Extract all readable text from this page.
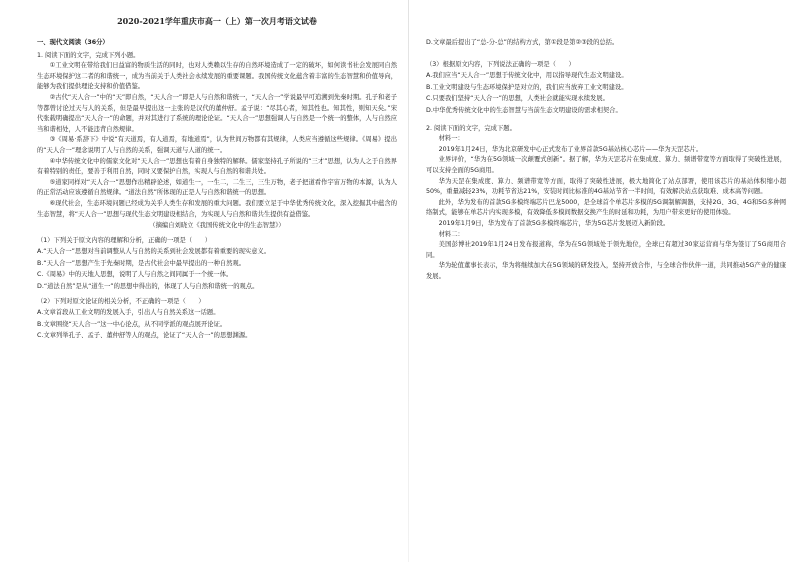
2020-2021学年重庆市高一（上）第一次月考语文试卷

一、现代文阅读（36分）

1. 阅读下面的文字，完成下列小题。

①工业文明在带给我们日益富的物质生活的同时，也对人类赖以生存的自然环境造成了一定的破坏，如何读书社会发展同自然生态环境保护这二者的和谐统一，成为当前关于人类社会永续发展的重要课题。我国传统文化蕴含着丰富的生态智慧和价值导向，能够为我们提供理论支持和价值借鉴。

②古代“天人合一”中的“天”即自然，“天人合一”即是人与自然和谐统一，“天人合一”学说最早可追溯到先秦时期。孔子和老子等都曾讨论过天与人的关系，但是最早提出这一主张的是汉代的董仲舒。孟子说：“尽其心者，知其性也。知其性，则知天矣。”宋代张载明确提出“天人合一”的命题，并对其进行了系统的理论论证。“天人合一”思想强调人与自然是一个统一的整体，人与自然应当和谐相处，人不能违背自然规律。

③《周易·系辞下》中说“有天道焉，有人道焉，有地道焉”，认为世间万物都有其规律，人类应当遵循这些规律。《周易》提出的“天人合一”理念说明了人与自然的关系，强调天道与人道的统一。

④中华传统文化中的儒家文化对“天人合一”思想也有着自身独特的解释。儒家坚持孔子所说的“三才”思想，认为人之于自然界有着特别的责任，要善于利用自然，同时又要保护自然，实现人与自然的和谐共处。

⑤道家同样对“天人合一”思想作出精辟论述，如道生一，一生二，二生三，三生万物，老子把道看作宇宙万物的本源，认为人的正常活动应该遵循自然规律。“道法自然”所体现的正是人与自然和谐统一的思想。

⑥现代社会，生态环境问题已经成为关乎人类生存和发展的重大问题。我们要立足于中华优秀传统文化，深入挖掘其中蕴含的生态智慧，将“天人合一”思想与现代生态文明建设相结合，为实现人与自然和谐共生提供有益借鉴。

（摘编自刘晓立《我国传统文化中的生态智慧》）

（1）下列关于原文内容的理解和分析，正确的一项是（　　）

A.“天人合一”思想对当前调整从人与自然的关系到社会发展都有着重要的现实意义。

B.“天人合一”思想产生于先秦时期，是古代社会中最早提出的一种自然观。

C.《周易》中的天地人思想，说明了人与自然之间同属于一个统一体。

D.“道法自然”是从“道生一”的思想中得出的，体现了人与自然和谐统一的观点。

（2）下列对原文论证的相关分析，不正确的一项是（　　）

A.文章首段从工业文明的发展入手，引出人与自然关系这一话题。

B.文章围绕“天人合一”这一中心论点，从不同学派的观点展开论证。

C.文章列举孔子、孟子、董仲舒等人的观点，论证了“天人合一”的思想渊源。

D.文章最后提出了“总-分-总”的结构方式，第①段是第②③段的总括。

（3）根据原文内容，下列说法正确的一项是（　　）

A.我们应当“天人合一”思想于传统文化中，用以指导现代生态文明建设。

B.工业文明建设与生态环境保护是对立的，我们应当放弃工业文明建设。

C.只要我们坚持“天人合一”的思想，人类社会就能实现永续发展。

D.中华优秀传统文化中的生态智慧与当前生态文明建设的需求相契合。

2. 阅读下面的文字，完成下题。

材料一：

2019年1月24日，华为北京研发中心正式发布了业界首款5G基站核心芯片——华为天罡芯片。

业界评价，“华为在5G领域一次颠覆式创新”。据了解，华为天罡芯片在集成度、算力、频谱带宽等方面取得了突破性进展，可以支持全面的5G商用。

华为天罡在集成度、算力、频谱带宽等方面，取得了突破性进展，极大地简化了站点部署，使用该芯片的基站体积缩小超50%，重量减轻23%，功耗节省达21%，安装时间比标准的4G基站节省一半时间，有效解决站点获取难、成本高等问题。

此外，华为发布的首款5G多模终端芯片巴龙5000，是全球首个单芯片多模的5G调制解调器，支持2G、3G、4G和5G多种网络制式，能够在单芯片内实现多模，有效降低多模间数据交换产生的时延和功耗，为用户带来更好的使用体验。

2019年1月9日，华为发布了首款5G多模终端芯片，华为5G芯片发展迈入新阶段。

材料二：

美国彭博社2019年1月24日发布报道称，华为在5G领域处于领先地位，全球已有超过30家运营商与华为签订了5G商用合同。

华为轮值董事长表示，华为将继续加大在5G领域的研发投入，坚持开放合作，与全球合作伙伴一道，共同推动5G产业的健康发展。
